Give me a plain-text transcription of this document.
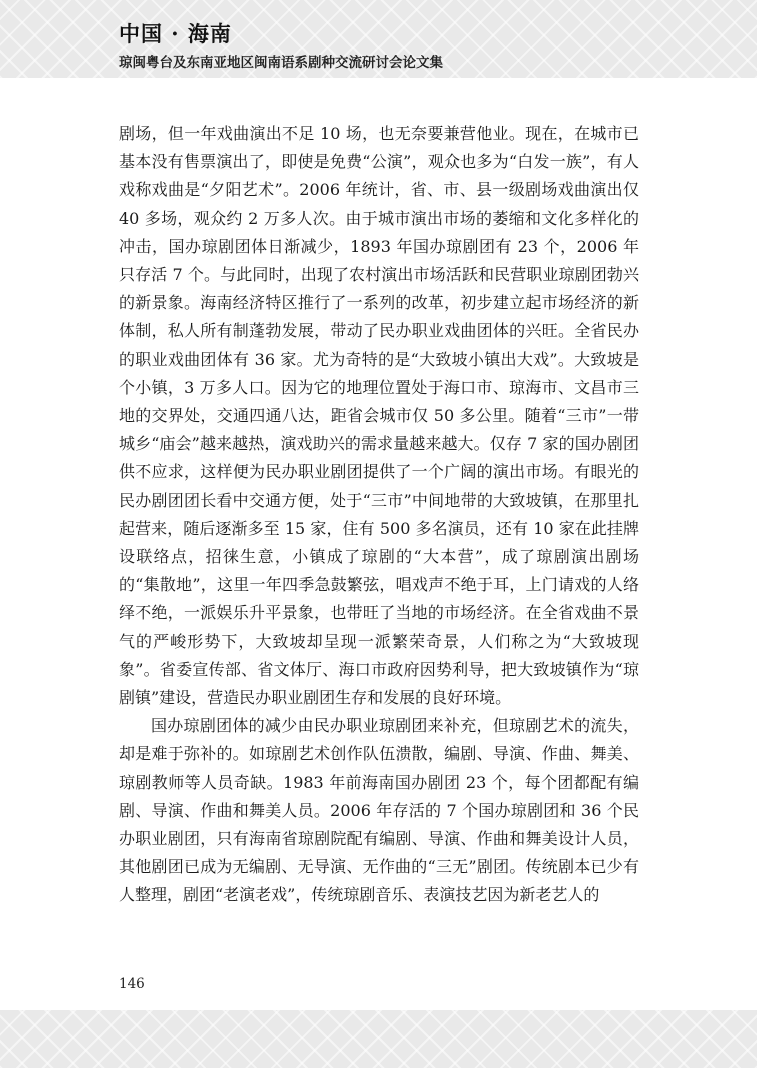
中国 · 海南
琼闽粤台及东南亚地区闽南语系剧种交流研讨会论文集

剧场，但一年戏曲演出不足 10 场，也无奈要兼营他业。现在，在城市已基本没有售票演出了，即使是免费“公演”，观众也多为“白发一族”，有人戏称戏曲是“夕阳艺术”。2006 年统计，省、市、县一级剧场戏曲演出仅 40 多场，观众约 2 万多人次。由于城市演出市场的萎缩和文化多样化的冲击，国办琼剧团体日渐减少，1893 年国办琼剧团有 23 个，2006 年只存活 7 个。与此同时，出现了农村演出市场活跃和民营职业琼剧团勃兴的新景象。海南经济特区推行了一系列的改革，初步建立起市场经济的新体制，私人所有制蓬勃发展，带动了民办职业戏曲团体的兴旺。全省民办的职业戏曲团体有 36 家。尤为奇特的是“大致坡小镇出大戏”。大致坡是个小镇，3 万多人口。因为它的地理位置处于海口市、琼海市、文昌市三地的交界处，交通四通八达，距省会城市仅 50 多公里。随着“三市”一带城乡“庙会”越来越热，演戏助兴的需求量越来越大。仅存 7 家的国办剧团供不应求，这样便为民办职业剧团提供了一个广阔的演出市场。有眼光的民办剧团团长看中交通方便，处于“三市”中间地带的大致坡镇，在那里扎起营来，随后逐渐多至 15 家，住有 500 多名演员，还有 10 家在此挂牌设联络点，招徕生意，小镇成了琼剧的“大本营”，成了琼剧演出剧场的“集散地”，这里一年四季急鼓繁弦，唱戏声不绝于耳，上门请戏的人络绎不绝，一派娱乐升平景象，也带旺了当地的市场经济。在全省戏曲不景气的严峻形势下，大致坡却呈现一派繁荣奇景，人们称之为“大致坡现象”。省委宣传部、省文体厅、海口市政府因势利导，把大致坡镇作为“琼剧镇”建设，营造民办职业剧团生存和发展的良好环境。

国办琼剧团体的减少由民办职业琼剧团来补充，但琼剧艺术的流失，却是难于弥补的。如琼剧艺术创作队伍溃散，编剧、导演、作曲、舞美、琼剧教师等人员奇缺。1983 年前海南国办剧团 23 个，每个团都配有编剧、导演、作曲和舞美人员。2006 年存活的 7 个国办琼剧团和 36 个民办职业剧团，只有海南省琼剧院配有编剧、导演、作曲和舞美设计人员，其他剧团已成为无编剧、无导演、无作曲的“三无”剧团。传统剧本已少有人整理，剧团“老演老戏”，传统琼剧音乐、表演技艺因为新老艺人的

146
